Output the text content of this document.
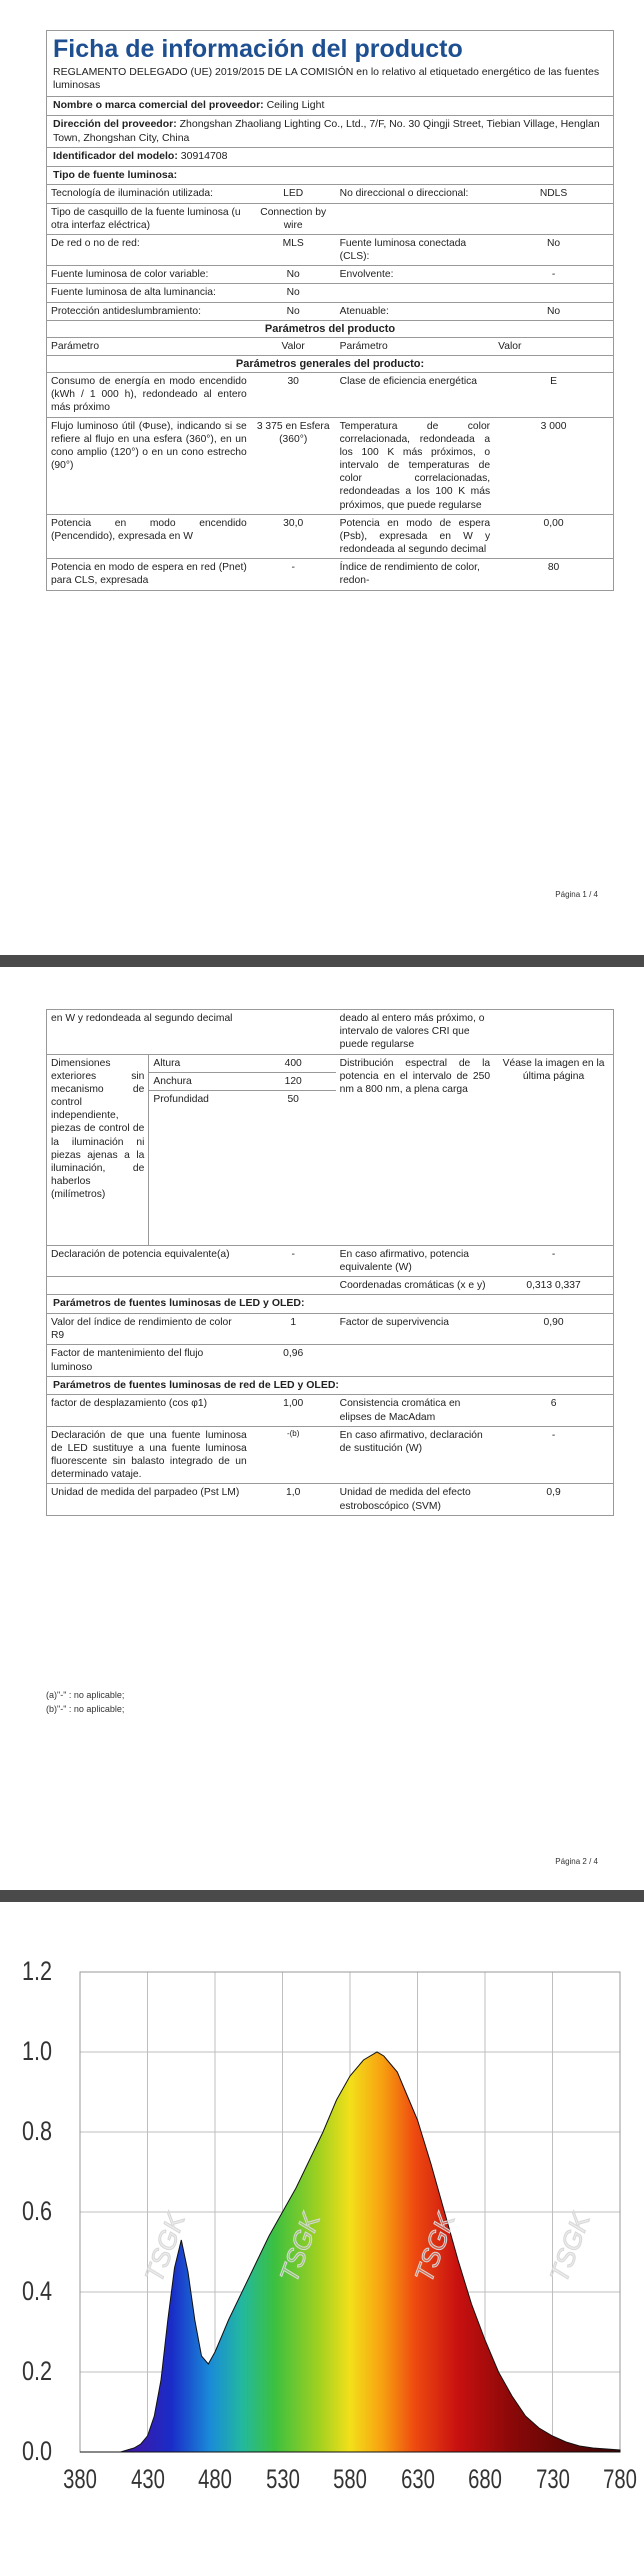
Ficha de información del producto
REGLAMENTO DELEGADO (UE) 2019/2015 DE LA COMISIÓN en lo relativo al etiquetado energético de las fuentes luminosas
Nombre o marca comercial del proveedor: Ceiling Light
Dirección del proveedor: Zhongshan Zhaoliang Lighting Co., Ltd., 7/F, No. 30 Qingji Street, Tiebian Village, Henglan Town, Zhongshan City, China
Identificador del modelo: 30914708
Tipo de fuente luminosa:
Tecnología de iluminación utilizada:	LED	No direccional o direccional:	NDLS
Tipo de casquillo de la fuente luminosa (u otra interfaz eléctrica)	Connection by wire		
De red o no de red:	MLS	Fuente luminosa conectada (CLS):	No
Fuente luminosa de color variable:	No	Envolvente:	-
Fuente luminosa de alta luminancia:	No		
Protección antideslumbramiento:	No	Atenuable:	No
Parámetros del producto
Parámetro	Valor	Parámetro	Valor
Parámetros generales del producto:
Consumo de energía en modo encendido (kWh / 1 000 h), redondeado al entero más próximo	30	Clase de eficiencia energética	E
Flujo luminoso útil (Φuse), indicando si se refiere al flujo en una esfera (360°), en un cono amplio (120°) o en un cono estrecho (90°)	3 375 en Esfera (360°)	Temperatura de color correlacionada, redondeada a los 100 K más próximos, o intervalo de temperaturas de color correlacionadas, redondeadas a los 100 K más próximos, que puede regularse	3 000
Potencia en modo encendido (Pencendido), expresada en W	30,0	Potencia en modo de espera (Psb), expresada en W y redondeada al segundo decimal	0,00
Potencia en modo de espera en red (Pnet) para CLS, expresada	-	Índice de rendimiento de color, redon-	80
Página 1 / 4
en W y redondeada al segundo decimal			deado al entero más próximo, o intervalo de valores CRI que puede regularse	
Dimensiones exteriores sin mecanismo de control independiente, piezas de control de la iluminación ni piezas ajenas a la iluminación, de haberlos (milímetros)	Altura	400	Distribución espectral de la potencia en el intervalo de 250 nm a 800 nm, a plena carga	Véase la imagen en la última página
	Anchura	120		
	Profundidad	50		
Declaración de potencia equivalente(a)		-	En caso afirmativo, potencia equivalente (W)	-
			Coordenadas cromáticas (x e y)	0,313 0,337
Parámetros de fuentes luminosas de LED y OLED:
Valor del índice de rendimiento de color R9	1	Factor de supervivencia	0,90
Factor de mantenimiento del flujo luminoso	0,96		
Parámetros de fuentes luminosas de red de LED y OLED:
factor de desplazamiento (cos φ1)	1,00	Consistencia cromática en elipses de MacAdam	6
Declaración de que una fuente luminosa de LED sustituye a una fuente luminosa fluorescente sin balasto integrado de un determinado vataje.	-(b)	En caso afirmativo, declaración de sustitución (W)	-
Unidad de medida del parpadeo (Pst LM)	1,0	Unidad de medida del efecto estroboscópico (SVM)	0,9
(a)"-" : no aplicable;
(b)"-" : no aplicable;
Página 2 / 4
TSGK	TSGK	TSGK	TSGK
0.0
0.2
0.4
0.6
0.8
1.0
1.2
380 430 480 530 580 630 680 730 780
